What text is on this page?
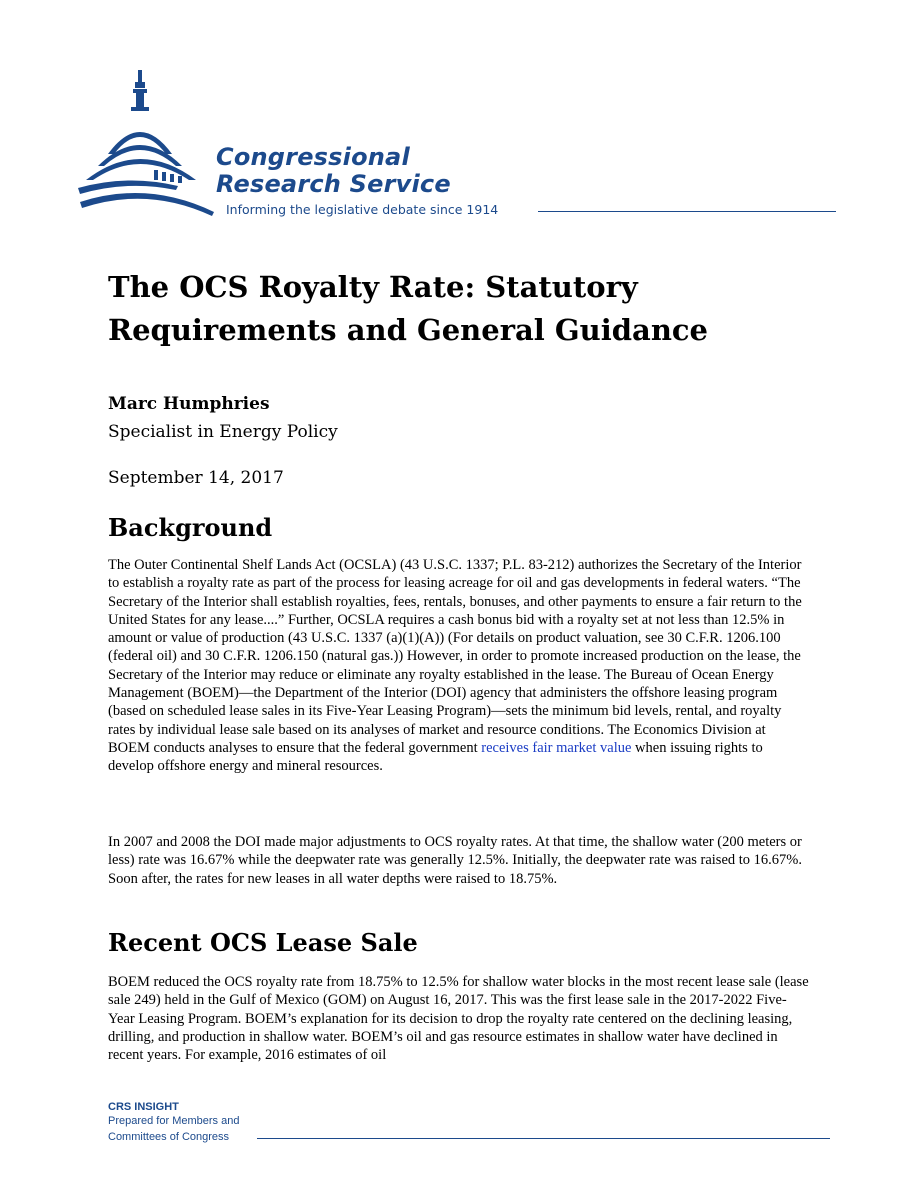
Congressional
Research Service
Informing the legislative debate since 1914
The OCS Royalty Rate: Statutory Requirements and General Guidance
Marc Humphries
Specialist in Energy Policy
September 14, 2017
Background

The Outer Continental Shelf Lands Act (OCSLA) (43 U.S.C. 1337; P.L. 83-212) authorizes the Secretary of the Interior to establish a royalty rate as part of the process for leasing acreage for oil and gas developments in federal waters. “The Secretary of the Interior shall establish royalties, fees, rentals, bonuses, and other payments to ensure a fair return to the United States for any lease....” Further, OCSLA requires a cash bonus bid with a royalty set at not less than 12.5% in amount or value of production (43 U.S.C. 1337 (a)(1)(A)) (For details on product valuation, see 30 C.F.R. 1206.100 (federal oil) and 30 C.F.R. 1206.150 (natural gas.)) However, in order to promote increased production on the lease, the Secretary of the Interior may reduce or eliminate any royalty established in the lease. The Bureau of Ocean Energy Management (BOEM)—the Department of the Interior (DOI) agency that administers the offshore leasing program (based on scheduled lease sales in its Five-Year Leasing Program)—sets the minimum bid levels, rental, and royalty rates by individual lease sale based on its analyses of market and resource conditions. The Economics Division at BOEM conducts analyses to ensure that the federal government receives fair market value when issuing rights to develop offshore energy and mineral resources.

In 2007 and 2008 the DOI made major adjustments to OCS royalty rates. At that time, the shallow water (200 meters or less) rate was 16.67% while the deepwater rate was generally 12.5%. Initially, the deepwater rate was raised to 16.67%. Soon after, the rates for new leases in all water depths were raised to 18.75%.

Recent OCS Lease Sale

BOEM reduced the OCS royalty rate from 18.75% to 12.5% for shallow water blocks in the most recent lease sale (lease sale 249) held in the Gulf of Mexico (GOM) on August 16, 2017. This was the first lease sale in the 2017-2022 Five-Year Leasing Program. BOEM’s explanation for its decision to drop the royalty rate centered on the declining leasing, drilling, and production in shallow water. BOEM’s oil and gas resource estimates in shallow water have declined in recent years. For example, 2016 estimates of oil

CRS INSIGHT
Prepared for Members and
Committees of Congress
